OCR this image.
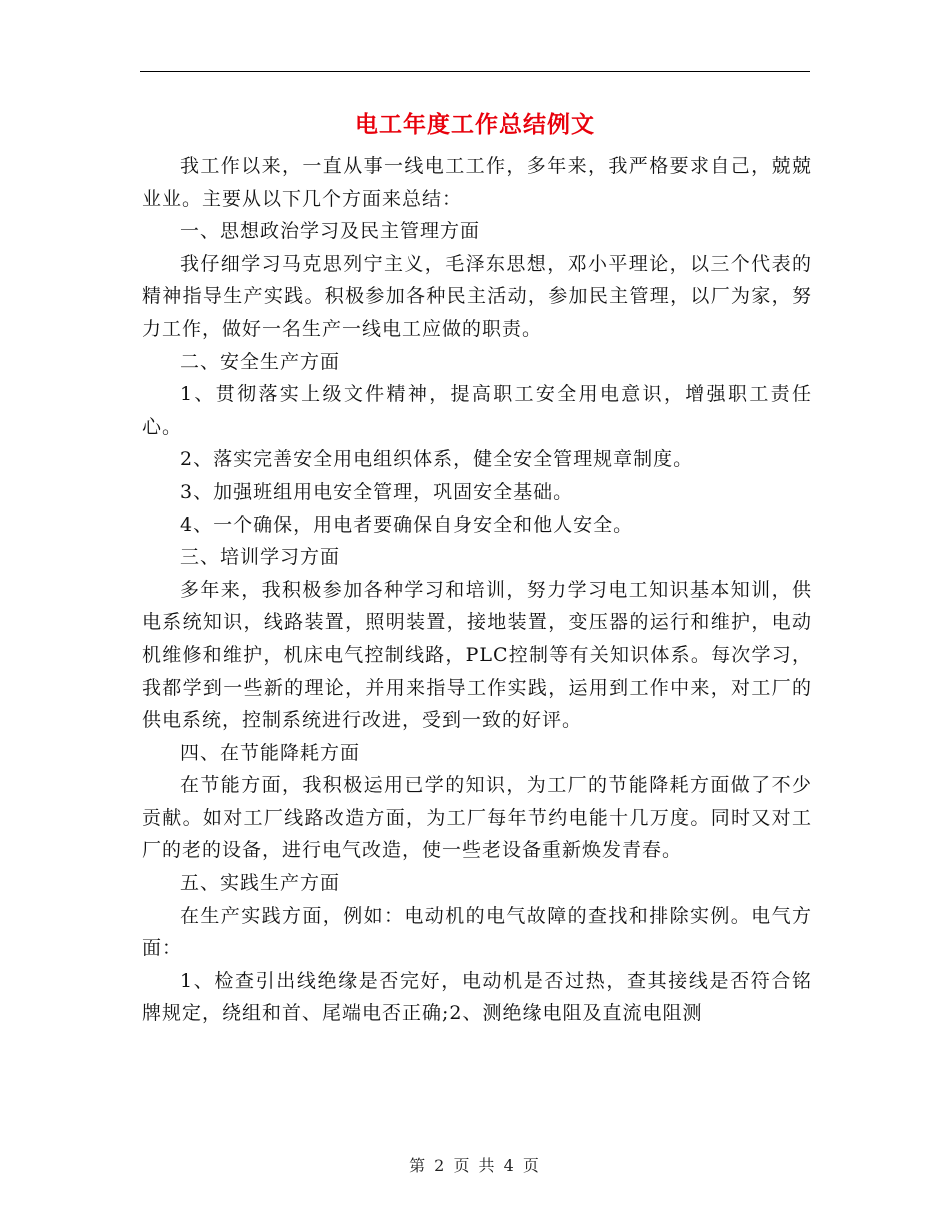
电工年度工作总结例文

我工作以来，一直从事一线电工工作，多年来，我严格要求自己，兢兢业业。主要从以下几个方面来总结：

一、思想政治学习及民主管理方面

我仔细学习马克思列宁主义，毛泽东思想，邓小平理论，以三个代表的精神指导生产实践。积极参加各种民主活动，参加民主管理，以厂为家，努力工作，做好一名生产一线电工应做的职责。

二、安全生产方面

1、贯彻落实上级文件精神，提高职工安全用电意识，增强职工责任心。

2、落实完善安全用电组织体系，健全安全管理规章制度。

3、加强班组用电安全管理，巩固安全基础。

4、一个确保，用电者要确保自身安全和他人安全。

三、培训学习方面

多年来，我积极参加各种学习和培训，努力学习电工知识基本知训，供电系统知识，线路装置，照明装置，接地装置，变压器的运行和维护，电动机维修和维护，机床电气控制线路，PLC控制等有关知识体系。每次学习，我都学到一些新的理论，并用来指导工作实践，运用到工作中来，对工厂的供电系统，控制系统进行改进，受到一致的好评。

四、在节能降耗方面

在节能方面，我积极运用已学的知识，为工厂的节能降耗方面做了不少贡献。如对工厂线路改造方面，为工厂每年节约电能十几万度。同时又对工厂的老的设备，进行电气改造，使一些老设备重新焕发青春。

五、实践生产方面

在生产实践方面，例如：电动机的电气故障的查找和排除实例。电气方面：

1、检查引出线绝缘是否完好，电动机是否过热，查其接线是否符合铭牌规定，绕组和首、尾端电否正确;2、测绝缘电阻及直流电阻测

第 2 页 共 4 页
